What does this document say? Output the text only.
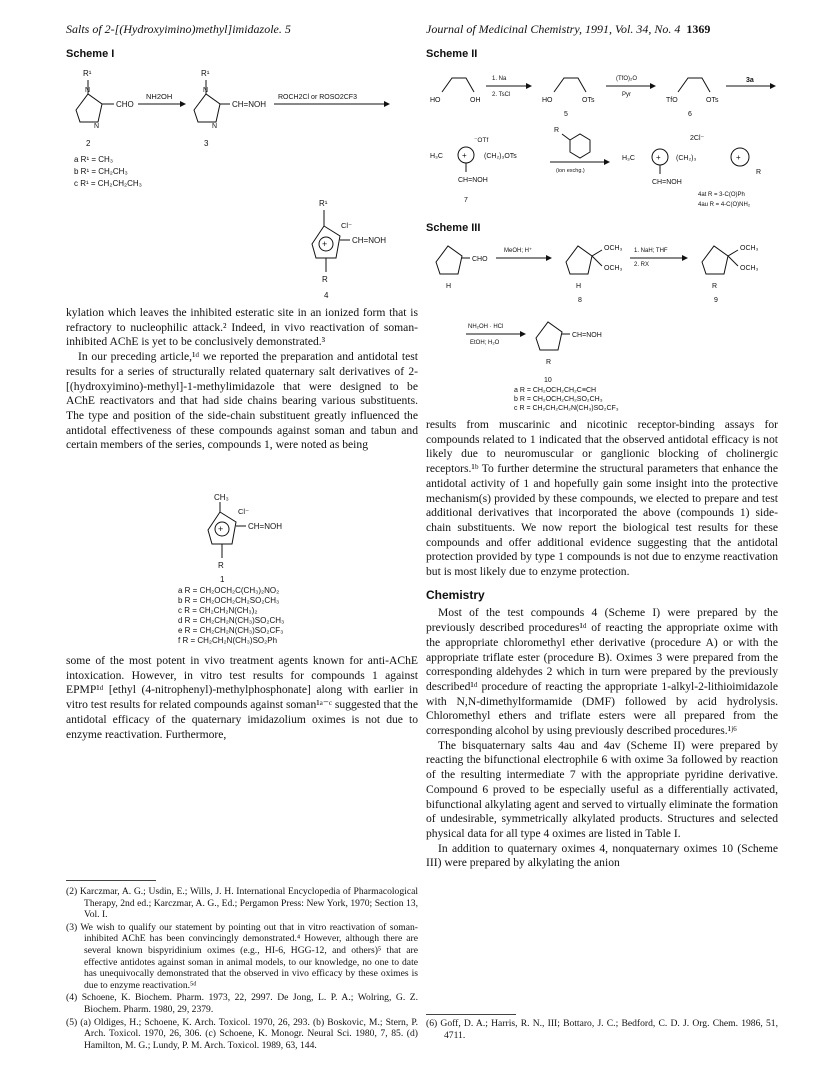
Salts of 2-[(Hydroxyimino)methyl]imidazole. 5	Journal of Medicinal Chemistry, 1991, Vol. 34, No. 4 1369
Scheme I
R¹
CHO
N
N
NH2OH
R¹
CH=NOH
N
N
ROCH2Cl or ROSO2CF3
2	3
a R¹ = CH₃
b R¹ = CH₂CH₃
c R¹ = CH₂CH₂CH₃
+
R¹
Cl⁻
CH=NOH
R
4

kylation which leaves the inhibited esteratic site in an ionized form that is refractory to nucleophilic attack.² Indeed, in vivo reactivation of soman-inhibited AChE is yet to be conclusively demonstrated.³

In our preceding article,¹ᵈ we reported the preparation and antidotal test results for a series of structurally related quaternary salt derivatives of 2-[(hydroxyimino)-methyl]-1-methylimidazole that were designed to be AChE reactivators and that had side chains bearing various substituents. The type and position of the side-chain substituent greatly influenced the antidotal effectiveness of these compounds against soman and tabun and certain members of the series, compounds 1, were noted as being

+
CH₃
Cl⁻
CH=NOH
R
1
a R = CH₂OCH₂C(CH₃)₂NO₂
b R = CH₂OCH₂CH₂SO₂CH₃
c R = CH₂CH₂N(CH₃)₂
d R = CH₂CH₂N(CH₃)SO₂CH₃
e R = CH₂CH₂N(CH₃)SO₂CF₃
f R = CH₂CH₂N(CH₃)SO₂Ph

some of the most potent in vivo treatment agents known for anti-AChE intoxication. However, in vitro test results for compounds 1 against EPMP¹ᵈ [ethyl (4-nitrophenyl)-methylphosphonate] along with earlier in vitro test results for related compounds against soman¹ᵃ⁻ᶜ suggested that the antidotal efficacy of the quaternary imidazolium oximes is not due to enzyme reactivation. Furthermore,

(2) Karczmar, A. G.; Usdin, E.; Wills, J. H. International Encyclopedia of Pharmacological Therapy, 2nd ed.; Karczmar, A. G., Ed.; Pergamon Press: New York, 1970; Section 13, Vol. I.
(3) We wish to qualify our statement by pointing out that in vitro reactivation of soman-inhibited AChE has been convincingly demonstrated.⁴ However, although there are several known bispyridinium oximes (e.g., HI-6, HGG-12, and others)⁵ that are effective antidotes against soman in animal models, to our knowledge, no one to date has unequivocally demonstrated that the observed in vivo efficacy by these oximes is due to enzyme reactivation.⁵ᵈ
(4) Schoene, K. Biochem. Pharm. 1973, 22, 2997. De Jong, L. P. A.; Wolring, G. Z. Biochem. Pharm. 1980, 29, 2379.
(5) (a) Oldiges, H.; Schoene, K. Arch. Toxicol. 1970, 26, 293. (b) Boskovic, M.; Stern, P. Arch. Toxicol. 1970, 26, 306. (c) Schoene, K. Monogr. Neural Sci. 1980, 7, 85. (d) Hamilton, M. G.; Lundy, P. M. Arch. Toxicol. 1989, 63, 144.
Scheme II
HO	OH
1. Na
2. TsCl
HO	OTs
5
(TfO)₂O
Pyr
TfO	OTs
6
3a
H₃C + (CH₂)₃OTs
⁻OTf
CH=NOH
7
R
(ion exchg.)
2Cl⁻
H₃C	+ (CH₂)₃	+
R
CH=NOH
4at R = 3-C(O)Ph
4au R = 4-C(O)NH₂
Scheme III
CHO
H
MeOH; H⁺	OCH₃
OCH₃
H
8
1. NaH; THF
2. RX
OCH₃
OCH₃
R
9
NH₂OH · HCl
EtOH; H₂O
CH=NOH
R
10
a R = CH₂OCH₂CH₂C≡CH
b R = CH₂OCH₂CH₂SO₂CH₃
c R = CH₂CH₂CH₂N(CH₃)SO₂CF₃

results from muscarinic and nicotinic receptor-binding assays for compounds related to 1 indicated that the observed antidotal efficacy is not likely due to neuromuscular or ganglionic blocking of cholinergic receptors.¹ᵇ To further determine the structural parameters that enhance the antidotal activity of 1 and hopefully gain some insight into the protective mechanism(s) provided by these compounds, we elected to prepare and test additional derivatives that incorporated the above (compounds 1) side-chain substituents. We now report the biological test results for these compounds and offer additional evidence suggesting that the antidotal protection provided by type 1 compounds is not due to enzyme reactivation but is most likely due to enzyme protection.

Chemistry

Most of the test compounds 4 (Scheme I) were prepared by the previously described procedures¹ᵈ of reacting the appropriate oxime with the appropriate chloromethyl ether derivative (procedure A) or with the appropriate triflate ester (procedure B). Oximes 3 were prepared from the corresponding aldehydes 2 which in turn were prepared by the previously described¹ᵈ procedure of reacting the appropriate 1-alkyl-2-lithioimidazole with N,N-dimethylformamide (DMF) followed by acid hydrolysis. Chloromethyl ethers and triflate esters were all prepared from the corresponding alcohol by using previously described procedures.¹ʲ⁶

The bisquaternary salts 4au and 4av (Scheme II) were prepared by reacting the bifunctional electrophile 6 with oxime 3a followed by reaction of the resulting intermediate 7 with the appropriate pyridine derivative. Compound 6 proved to be especially useful as a differentially activated, bifunctional alkylating agent and served to virtually eliminate the formation of undesirable, symmetrically alkylated products. Structures and selected physical data for all type 4 oximes are listed in Table I.

In addition to quaternary oximes 4, nonquaternary oximes 10 (Scheme III) were prepared by alkylating the anion

(6) Goff, D. A.; Harris, R. N., III; Bottaro, J. C.; Bedford, C. D. J. Org. Chem. 1986, 51, 4711.
